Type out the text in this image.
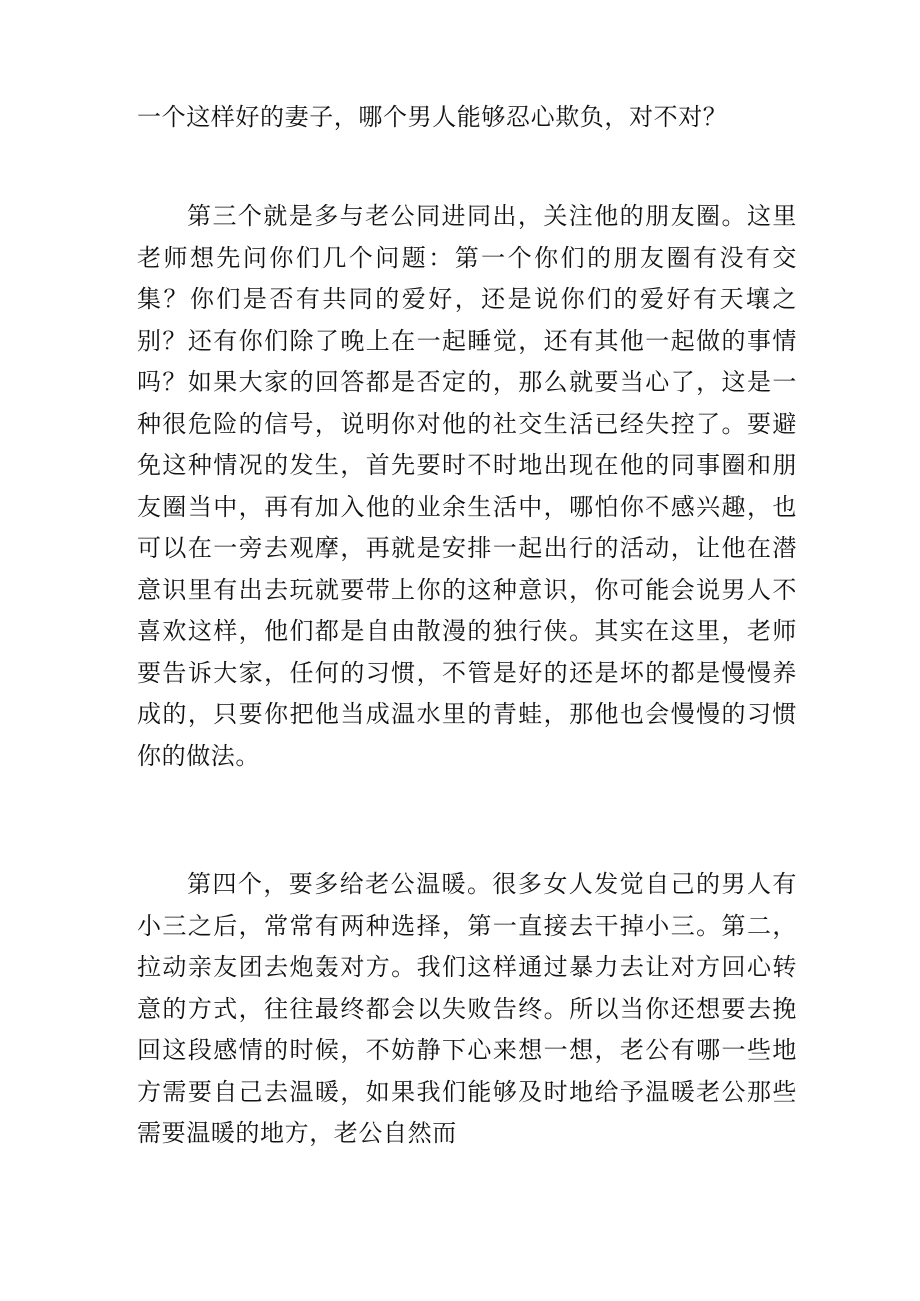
一个这样好的妻子，哪个男人能够忍心欺负，对不对？

第三个就是多与老公同进同出，关注他的朋友圈。这里老师想先问你们几个问题：第一个你们的朋友圈有没有交集？你们是否有共同的爱好，还是说你们的爱好有天壤之别？还有你们除了晚上在一起睡觉，还有其他一起做的事情吗？如果大家的回答都是否定的，那么就要当心了，这是一种很危险的信号，说明你对他的社交生活已经失控了。要避免这种情况的发生，首先要时不时地出现在他的同事圈和朋友圈当中，再有加入他的业余生活中，哪怕你不感兴趣，也可以在一旁去观摩，再就是安排一起出行的活动，让他在潜意识里有出去玩就要带上你的这种意识，你可能会说男人不喜欢这样，他们都是自由散漫的独行侠。其实在这里，老师要告诉大家，任何的习惯，不管是好的还是坏的都是慢慢养成的，只要你把他当成温水里的青蛙，那他也会慢慢的习惯你的做法。

第四个，要多给老公温暖。很多女人发觉自己的男人有小三之后，常常有两种选择，第一直接去干掉小三。第二，拉动亲友团去炮轰对方。我们这样通过暴力去让对方回心转意的方式，往往最终都会以失败告终。所以当你还想要去挽回这段感情的时候，不妨静下心来想一想，老公有哪一些地方需要自己去温暖，如果我们能够及时地给予温暖老公那些需要温暖的地方，老公自然而
